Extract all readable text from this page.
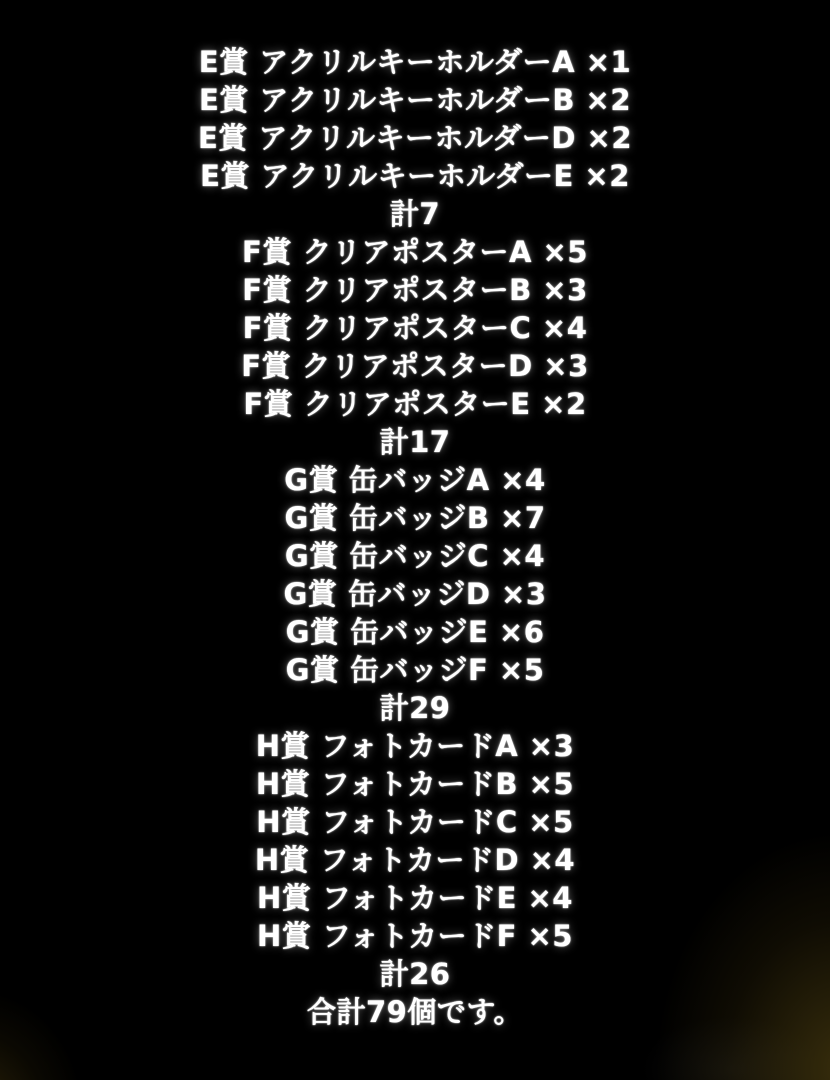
E賞 アクリルキーホルダーA ×1
E賞 アクリルキーホルダーB ×2
E賞 アクリルキーホルダーD ×2
E賞 アクリルキーホルダーE ×2
計7
F賞 クリアポスターA ×5
F賞 クリアポスターB ×3
F賞 クリアポスターC ×4
F賞 クリアポスターD ×3
F賞 クリアポスターE ×2
計17
G賞 缶バッジA ×4
G賞 缶バッジB ×7
G賞 缶バッジC ×4
G賞 缶バッジD ×3
G賞 缶バッジE ×6
G賞 缶バッジF ×5
計29
H賞 フォトカードA ×3
H賞 フォトカードB ×5
H賞 フォトカードC ×5
H賞 フォトカードD ×4
H賞 フォトカードE ×4
H賞 フォトカードF ×5
計26
合計79個です。
